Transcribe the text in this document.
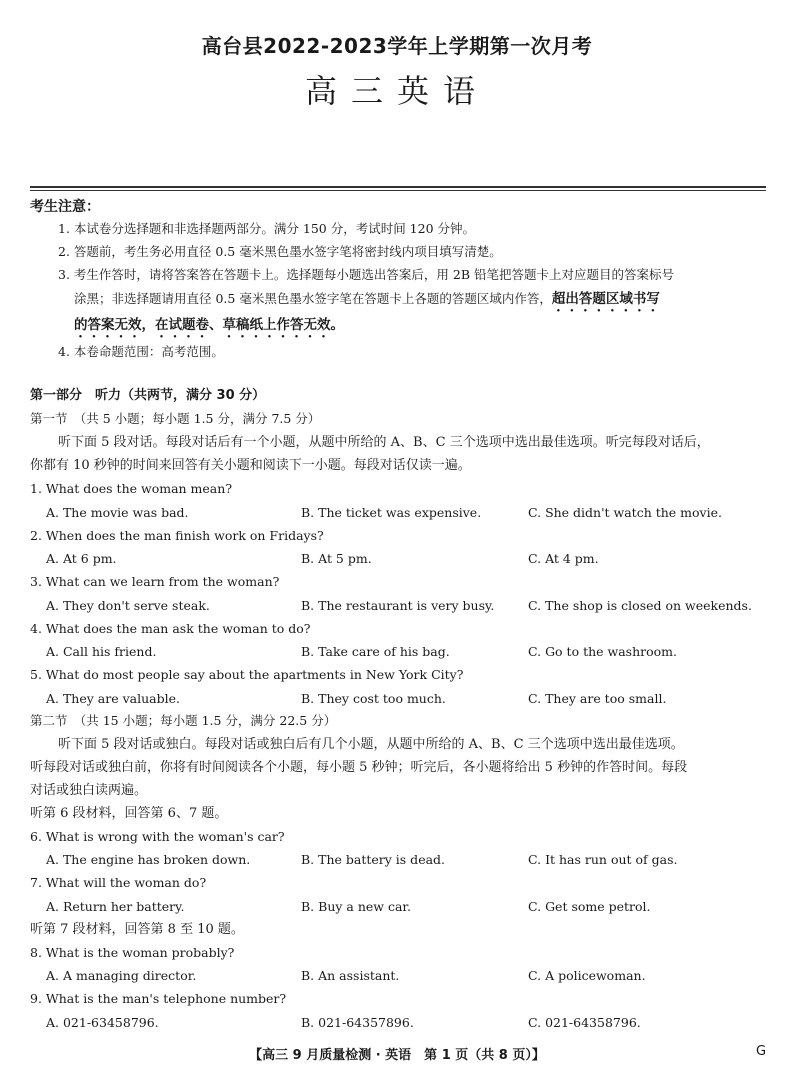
高台县2022-2023学年上学期第一次月考
高三英语
考生注意：
1. 本试卷分选择题和非选择题两部分。满分 150 分，考试时间 120 分钟。
2. 答题前，考生务必用直径 0.5 毫米黑色墨水签字笔将密封线内项目填写清楚。
3. 考生作答时，请将答案答在答题卡上。选择题每小题选出答案后，用 2B 铅笔把答题卡上对应题目的答案标号
涂黑；非选择题请用直径 0.5 毫米黑色墨水签字笔在答题卡上各题的答题区域内作答，超出答题区域书写
的答案无效，在试题卷、草稿纸上作答无效。
4. 本卷命题范围：高考范围。
第一部分　听力（共两节，满分 30 分）
第一节　（共 5 小题；每小题 1.5 分，满分 7.5 分）
听下面 5 段对话。每段对话后有一个小题，从题中所给的 A、B、C 三个选项中选出最佳选项。听完每段对话后，
你都有 10 秒钟的时间来回答有关小题和阅读下一小题。每段对话仅读一遍。
1. What does the woman mean?
A. The movie was bad.	B. The ticket was expensive.	C. She didn't watch the movie.
2. When does the man finish work on Fridays?
A. At 6 pm.	B. At 5 pm.	C. At 4 pm.
3. What can we learn from the woman?
A. They don't serve steak.	B. The restaurant is very busy.	C. The shop is closed on weekends.
4. What does the man ask the woman to do?
A. Call his friend.	B. Take care of his bag.	C. Go to the washroom.
5. What do most people say about the apartments in New York City?
A. They are valuable.	B. They cost too much.	C. They are too small.
第二节　（共 15 小题；每小题 1.5 分，满分 22.5 分）
听下面 5 段对话或独白。每段对话或独白后有几个小题，从题中所给的 A、B、C 三个选项中选出最佳选项。
听每段对话或独白前，你将有时间阅读各个小题，每小题 5 秒钟；听完后，各小题将给出 5 秒钟的作答时间。每段
对话或独白读两遍。
听第 6 段材料，回答第 6、7 题。
6. What is wrong with the woman's car?
A. The engine has broken down.	B. The battery is dead.	C. It has run out of gas.
7. What will the woman do?
A. Return her battery.	B. Buy a new car.	C. Get some petrol.
听第 7 段材料，回答第 8 至 10 题。
8. What is the woman probably?
A. A managing director.	B. An assistant.	C. A policewoman.
9. What is the man's telephone number?
A. 021-63458796.	B. 021-64357896.	C. 021-64358796.
【高三 9 月质量检测 · 英语　第 1 页（共 8 页）】	G
